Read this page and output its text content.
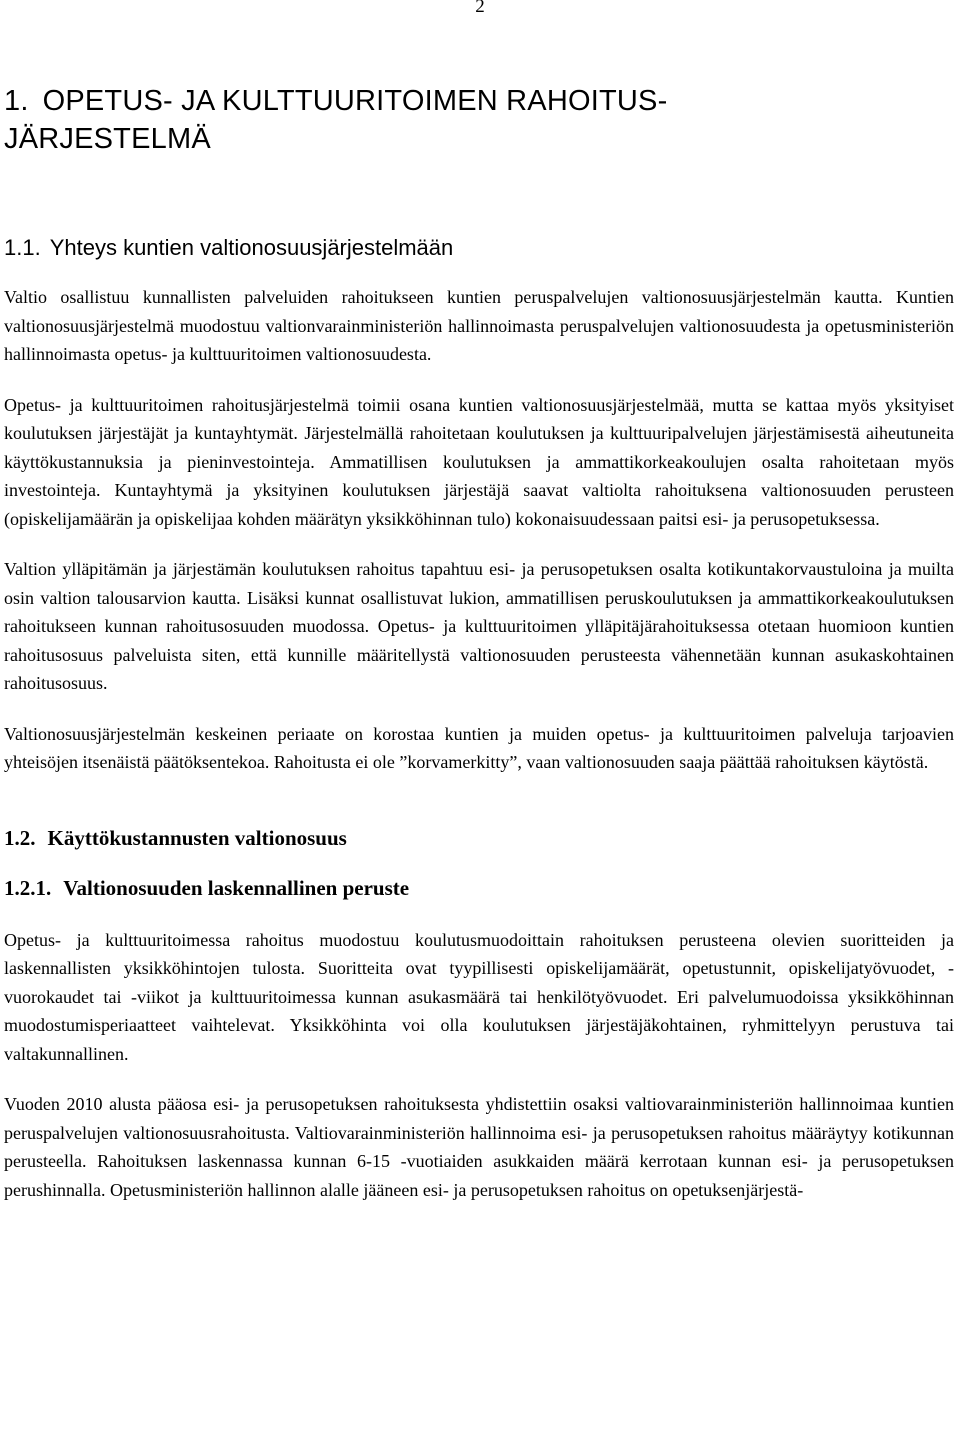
2
1. OPETUS- JA KULTTUURITOIMEN RAHOITUS-
JÄRJESTELMÄ
1.1. Yhteys kuntien valtionosuusjärjestelmään

Valtio osallistuu kunnallisten palveluiden rahoitukseen kuntien peruspalvelujen valtionosuusjärjestelmän kautta. Kuntien valtionosuusjärjestelmä muodostuu valtionvarainministeriön hallinnoimasta peruspalvelujen valtionosuudesta ja opetusministeriön hallinnoimasta opetus- ja kulttuuritoimen valtionosuudesta.

Opetus- ja kulttuuritoimen rahoitusjärjestelmä toimii osana kuntien valtionosuusjärjestelmää, mutta se kattaa myös yksityiset koulutuksen järjestäjät ja kuntayhtymät. Järjestelmällä rahoitetaan koulutuksen ja kulttuuripalvelujen järjestämisestä aiheutuneita käyttökustannuksia ja pieninvestointeja. Ammatillisen koulutuksen ja ammattikorkeakoulujen osalta rahoitetaan myös investointeja. Kuntayhtymä ja yksityinen koulutuksen järjestäjä saavat valtiolta rahoituksena valtionosuuden perusteen (opiskelijamäärän ja opiskelijaa kohden määrätyn yksikköhinnan tulo) kokonaisuudessaan paitsi esi- ja perusopetuksessa.

Valtion ylläpitämän ja järjestämän koulutuksen rahoitus tapahtuu esi- ja perusopetuksen osalta kotikuntakorvaustuloina ja muilta osin valtion talousarvion kautta. Lisäksi kunnat osallistuvat lukion, ammatillisen peruskoulutuksen ja ammattikorkeakoulutuksen rahoitukseen kunnan rahoitusosuuden muodossa. Opetus- ja kulttuuritoimen ylläpitäjärahoituksessa otetaan huomioon kuntien rahoitusosuus palveluista siten, että kunnille määritellystä valtionosuuden perusteesta vähennetään kunnan asukaskohtainen rahoitusosuus.

Valtionosuusjärjestelmän keskeinen periaate on korostaa kuntien ja muiden opetus- ja kulttuuritoimen palveluja tarjoavien yhteisöjen itsenäistä päätöksentekoa. Rahoitusta ei ole ”korvamerkitty”, vaan valtionosuuden saaja päättää rahoituksen käytöstä.

1.2. Käyttökustannusten valtionosuus
1.2.1. Valtionosuuden laskennallinen peruste

Opetus- ja kulttuuritoimessa rahoitus muodostuu koulutusmuodoittain rahoituksen perusteena olevien suoritteiden ja laskennallisten yksikköhintojen tulosta. Suoritteita ovat tyypillisesti opiskelijamäärät, opetustunnit, opiskelijatyövuodet, -vuorokaudet tai -viikot ja kulttuuritoimessa kunnan asukasmäärä tai henkilötyövuodet. Eri palvelumuodoissa yksikköhinnan muodostumisperiaatteet vaihtelevat. Yksikköhinta voi olla koulutuksen järjestäjäkohtainen, ryhmittelyyn perustuva tai valtakunnallinen.

Vuoden 2010 alusta pääosa esi- ja perusopetuksen rahoituksesta yhdistettiin osaksi valtiovarainministeriön hallinnoimaa kuntien peruspalvelujen valtionosuusrahoitusta. Valtiovarainministeriön hallinnoima esi- ja perusopetuksen rahoitus määräytyy kotikunnan perusteella. Rahoituksen laskennassa kunnan 6-15 -vuotiaiden asukkaiden määrä kerrotaan kunnan esi- ja perusopetuksen perushinnalla. Opetusministeriön hallinnon alalle jääneen esi- ja perusopetuksen rahoitus on opetuksenjärjestä-
